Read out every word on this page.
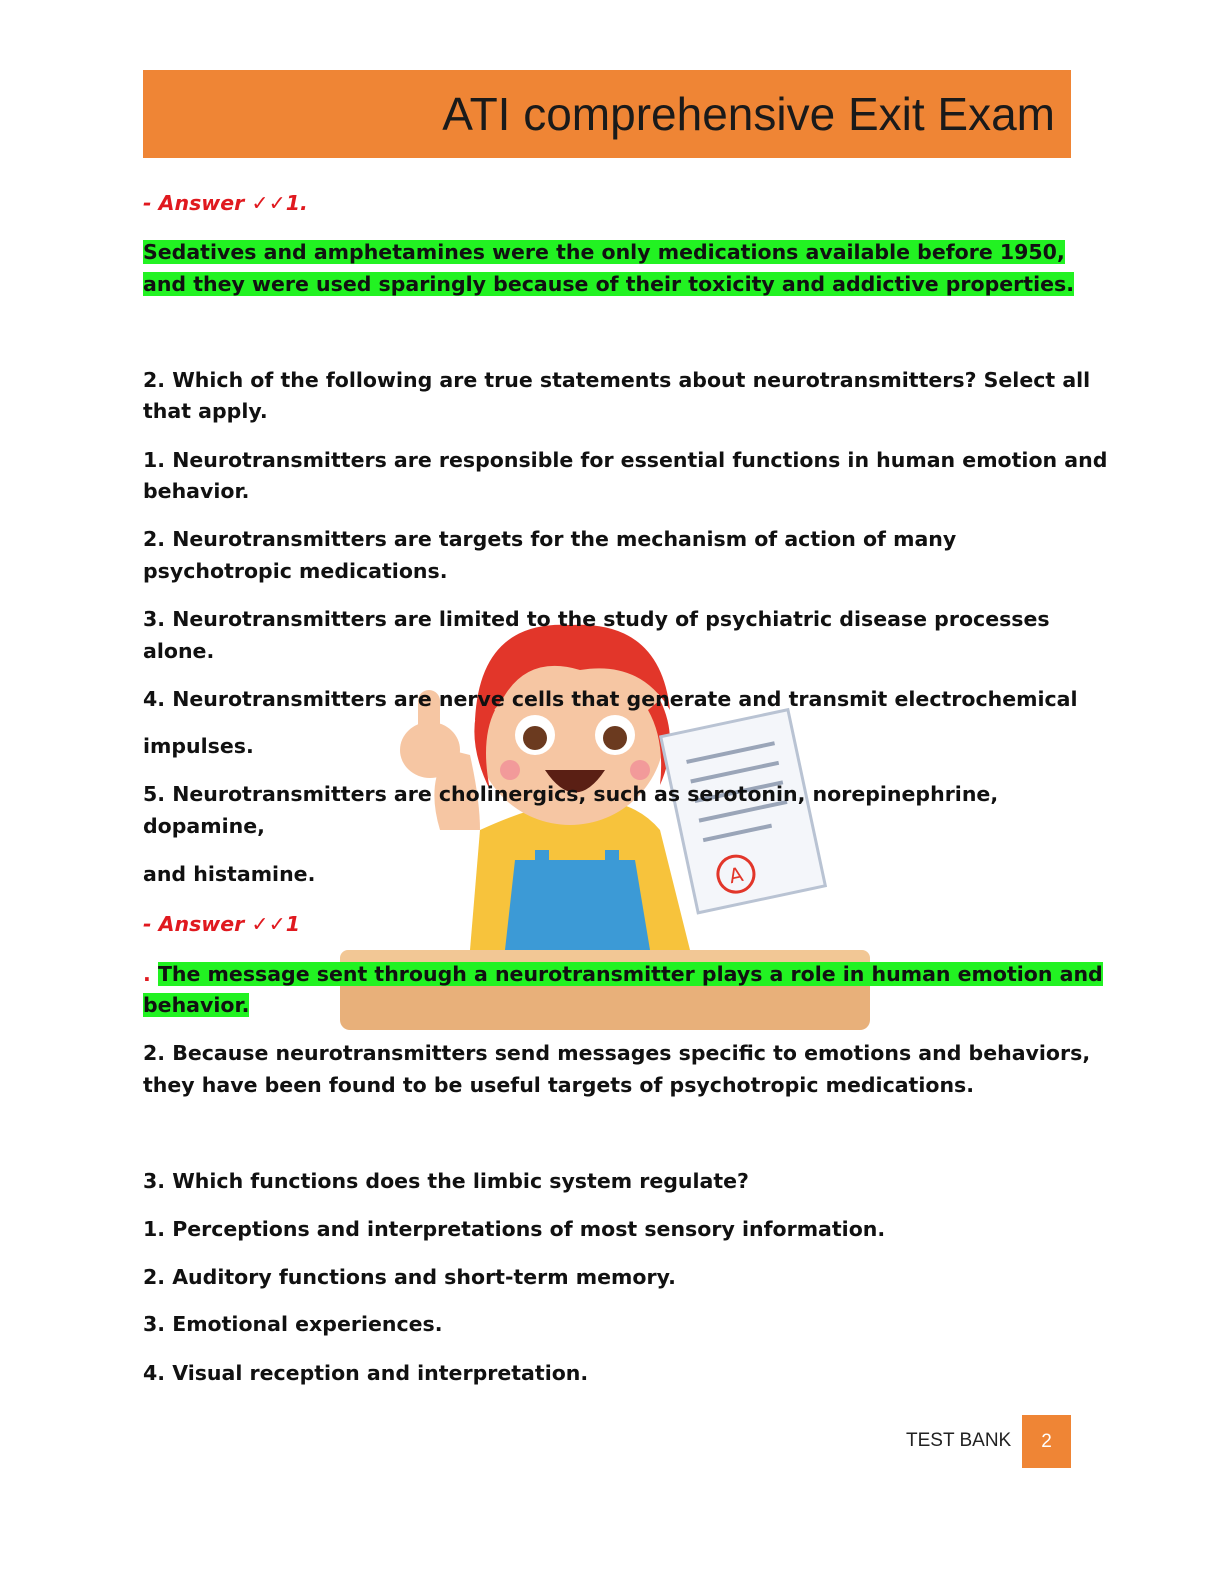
ATI comprehensive Exit Exam
A
- Answer ✓✓1.
Sedatives and amphetamines were the only medications available before 1950,
and they were used sparingly because of their toxicity and addictive properties.
2. Which of the following are true statements about neurotransmitters? Select all
that apply.
1. Neurotransmitters are responsible for essential functions in human emotion and
behavior.
2. Neurotransmitters are targets for the mechanism of action of many
psychotropic medications.
3. Neurotransmitters are limited to the study of psychiatric disease processes
alone.
4. Neurotransmitters are nerve cells that generate and transmit electrochemical
impulses.
5. Neurotransmitters are cholinergics, such as serotonin, norepinephrine,
dopamine,
and histamine.
- Answer ✓✓1
. The message sent through a neurotransmitter plays a role in human emotion and
behavior.
2. Because neurotransmitters send messages specific to emotions and behaviors,
they have been found to be useful targets of psychotropic medications.
3. Which functions does the limbic system regulate?
1. Perceptions and interpretations of most sensory information.
2. Auditory functions and short-term memory.
3. Emotional experiences.
4. Visual reception and interpretation.
TEST BANK	2
